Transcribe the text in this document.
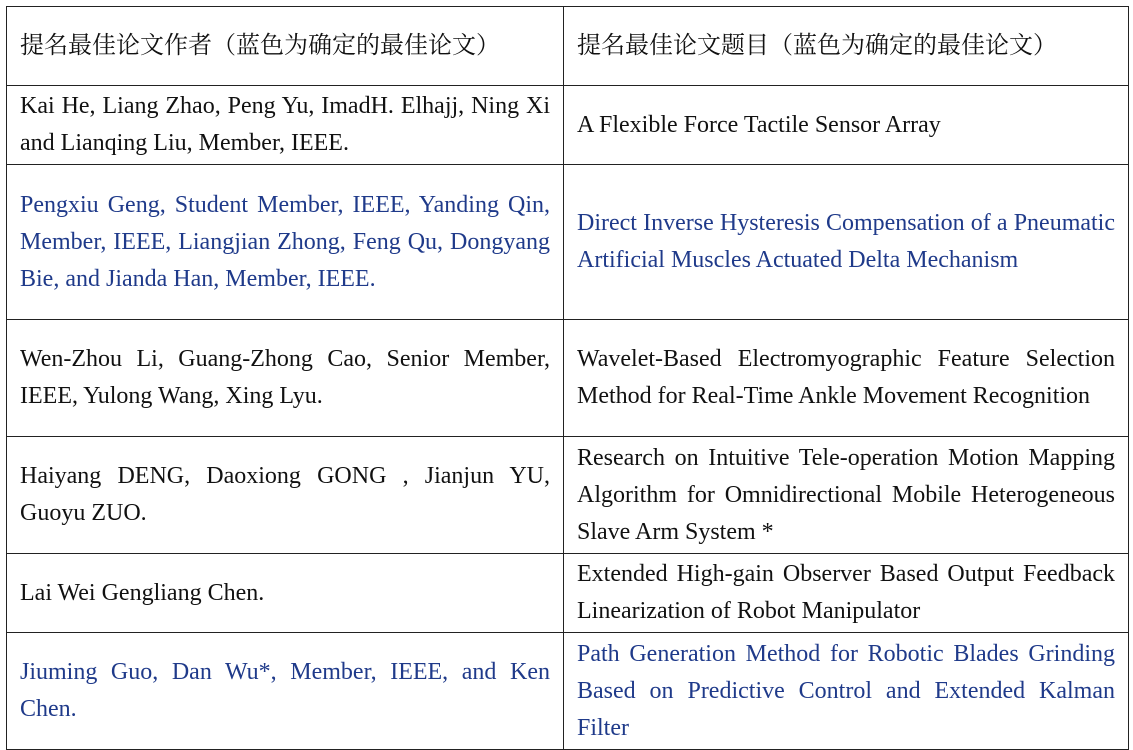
提名最佳论文作者（蓝色为确定的最佳论文）	提名最佳论文题目（蓝色为确定的最佳论文）
Kai He, Liang Zhao, Peng Yu, ImadH. Elhajj, Ning Xi and Lianqing Liu, Member, IEEE.	A Flexible Force Tactile Sensor Array
Pengxiu Geng, Student Member, IEEE, Yanding Qin, Member, IEEE, Liangjian Zhong, Feng Qu, Dongyang Bie, and Jianda Han, Member, IEEE.	Direct Inverse Hysteresis Compensation of a Pneumatic Artificial Muscles Actuated Delta Mechanism
Wen-Zhou Li, Guang-Zhong Cao, Senior Member, IEEE, Yulong Wang, Xing Lyu.	Wavelet-Based Electromyographic Feature Selection Method for Real-Time Ankle Movement Recognition
Haiyang DENG, Daoxiong GONG , Jianjun YU, Guoyu ZUO.	Research on Intuitive Tele-operation Motion Mapping Algorithm for Omnidirectional Mobile Heterogeneous Slave Arm System *
Lai Wei Gengliang Chen.	Extended High-gain Observer Based Output Feedback Linearization of Robot Manipulator
Jiuming Guo, Dan Wu*, Member, IEEE, and Ken Chen.	Path Generation Method for Robotic Blades Grinding Based on Predictive Control and Extended Kalman Filter
